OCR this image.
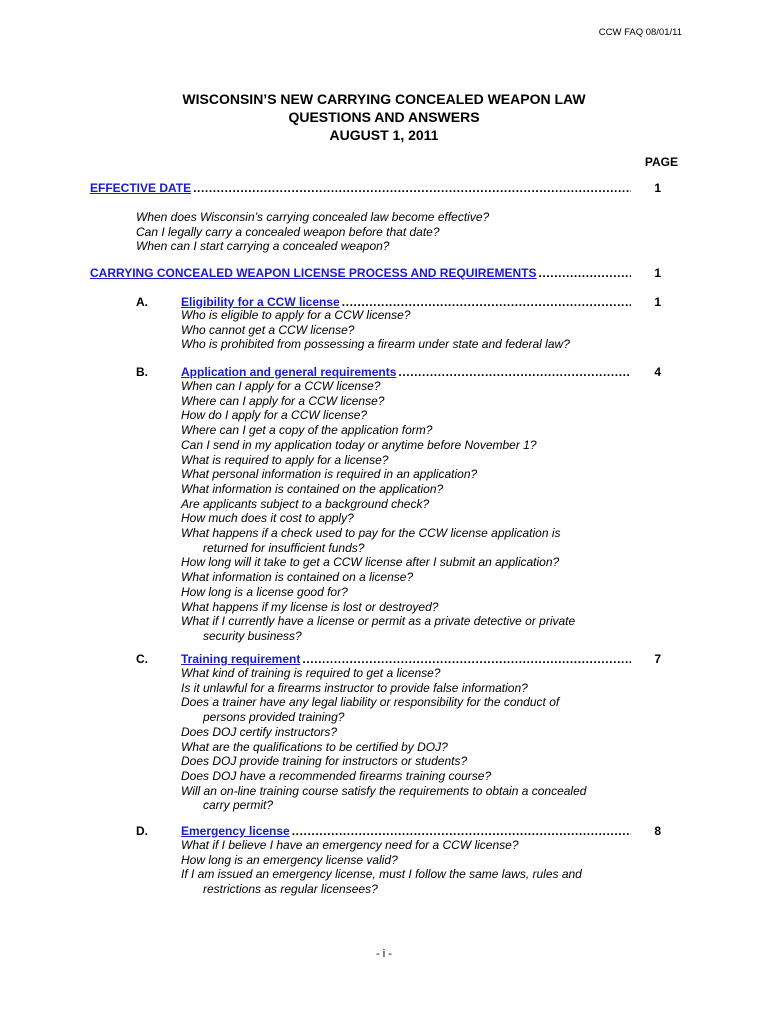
CCW FAQ 08/01/11
WISCONSIN’S NEW CARRYING CONCEALED WEAPON LAW
QUESTIONS AND ANSWERS
AUGUST 1, 2011
PAGE
EFFECTIVE DATE .....	1
When does Wisconsin’s carrying concealed law become effective?
Can I legally carry a concealed weapon before that date?
When can I start carrying a concealed weapon?
CARRYING CONCEALED WEAPON LICENSE PROCESS AND REQUIREMENTS .....	1
A.	Eligibility for a CCW license .....	1
Who is eligible to apply for a CCW license?
Who cannot get a CCW license?
Who is prohibited from possessing a firearm under state and federal law?
B.	Application and general requirements .....	4
When can I apply for a CCW license?
Where can I apply for a CCW license?
How do I apply for a CCW license?
Where can I get a copy of the application form?
Can I send in my application today or anytime before November 1?
What is required to apply for a license?
What personal information is required in an application?
What information is contained on the application?
Are applicants subject to a background check?
How much does it cost to apply?
What happens if a check used to pay for the CCW license application is
returned for insufficient funds?
How long will it take to get a CCW license after I submit an application?
What information is contained on a license?
How long is a license good for?
What happens if my license is lost or destroyed?
What if I currently have a license or permit as a private detective or private
security business?
C.	Training requirement .....	7
What kind of training is required to get a license?
Is it unlawful for a firearms instructor to provide false information?
Does a trainer have any legal liability or responsibility for the conduct of
persons provided training?
Does DOJ certify instructors?
What are the qualifications to be certified by DOJ?
Does DOJ provide training for instructors or students?
Does DOJ have a recommended firearms training course?
Will an on-line training course satisfy the requirements to obtain a concealed
carry permit?
D.	Emergency license .....	8
What if I believe I have an emergency need for a CCW license?
How long is an emergency license valid?
If I am issued an emergency license, must I follow the same laws, rules and
restrictions as regular licensees?
- i -
